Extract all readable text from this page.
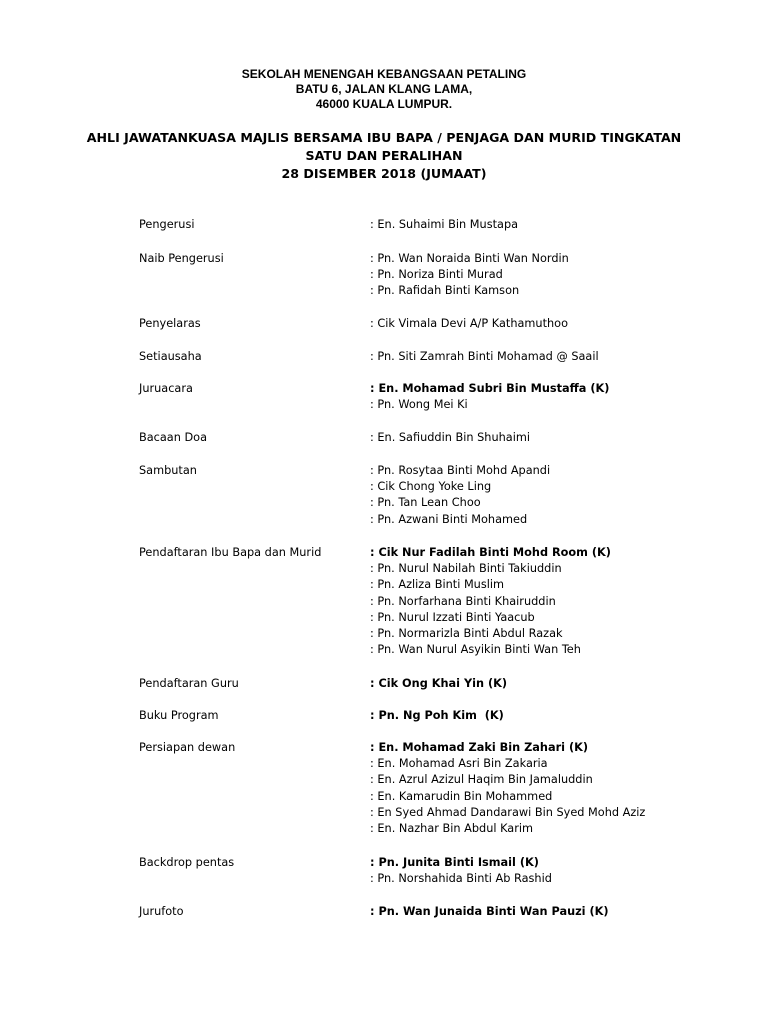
SEKOLAH MENENGAH KEBANGSAAN PETALING
BATU 6, JALAN KLANG LAMA,
46000 KUALA LUMPUR.
AHLI JAWATANKUASA MAJLIS BERSAMA IBU BAPA / PENJAGA DAN MURID TINGKATAN
SATU DAN PERALIHAN
28 DISEMBER 2018 (JUMAAT)
Pengerusi	: En. Suhaimi Bin Mustapa
Naib Pengerusi	: Pn. Wan Noraida Binti Wan Nordin
: Pn. Noriza Binti Murad
: Pn. Rafidah Binti Kamson
Penyelaras	: Cik Vimala Devi A/P Kathamuthoo
Setiausaha	: Pn. Siti Zamrah Binti Mohamad @ Saail
Juruacara	: En. Mohamad Subri Bin Mustaffa (K)
: Pn. Wong Mei Ki
Bacaan Doa	: En. Safiuddin Bin Shuhaimi
Sambutan	: Pn. Rosytaa Binti Mohd Apandi
: Cik Chong Yoke Ling
: Pn. Tan Lean Choo
: Pn. Azwani Binti Mohamed
Pendaftaran Ibu Bapa dan Murid	: Cik Nur Fadilah Binti Mohd Room (K)
: Pn. Nurul Nabilah Binti Takiuddin
: Pn. Azliza Binti Muslim
: Pn. Norfarhana Binti Khairuddin
: Pn. Nurul Izzati Binti Yaacub
: Pn. Normarizla Binti Abdul Razak
: Pn. Wan Nurul Asyikin Binti Wan Teh
Pendaftaran Guru	: Cik Ong Khai Yin (K)
Buku Program	: Pn. Ng Poh Kim  (K)
Persiapan dewan	: En. Mohamad Zaki Bin Zahari (K)
: En. Mohamad Asri Bin Zakaria
: En. Azrul Azizul Haqim Bin Jamaluddin
: En. Kamarudin Bin Mohammed
: En Syed Ahmad Dandarawi Bin Syed Mohd Aziz
: En. Nazhar Bin Abdul Karim
Backdrop pentas	: Pn. Junita Binti Ismail (K)
: Pn. Norshahida Binti Ab Rashid
Jurufoto	: Pn. Wan Junaida Binti Wan Pauzi (K)
